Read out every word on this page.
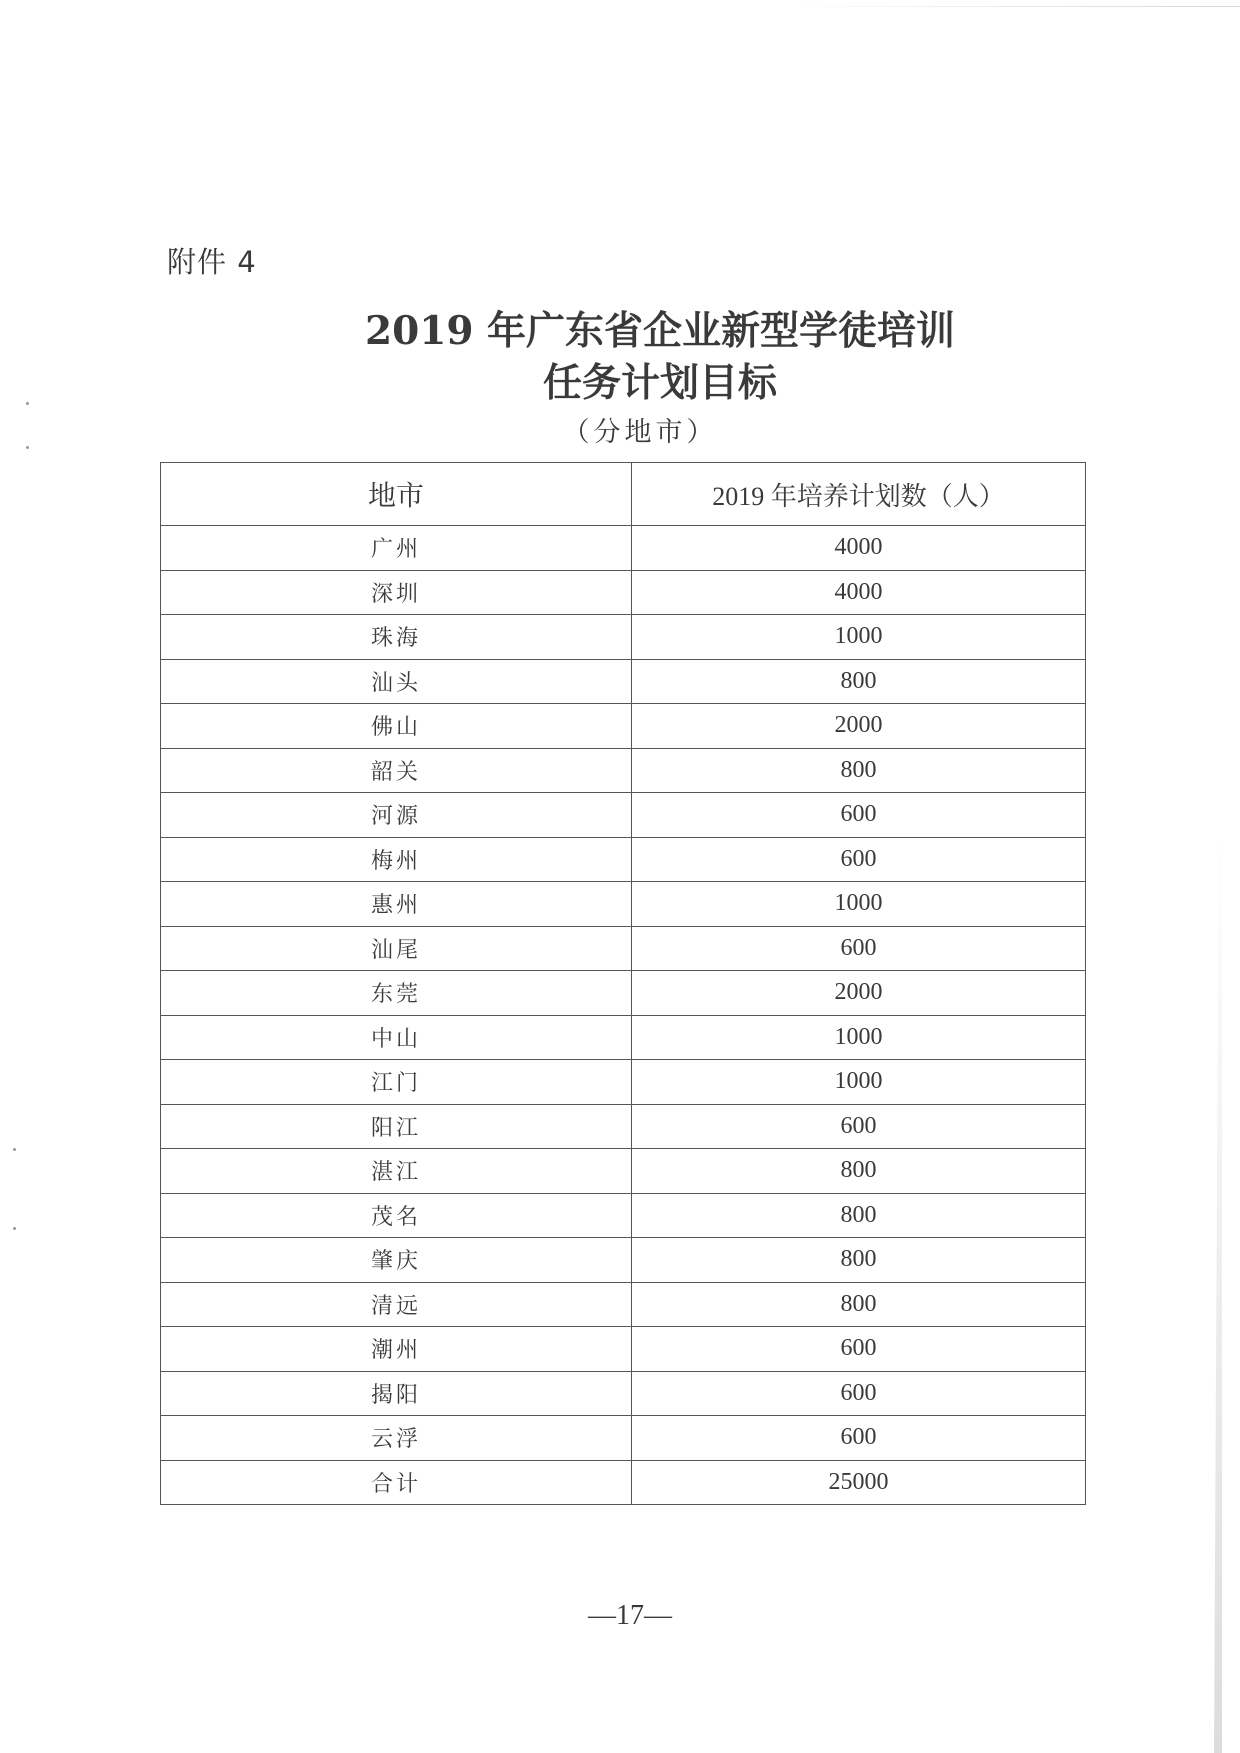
附件 4
2019 年广东省企业新型学徒培训
任务计划目标
（分地市）
地市	2019 年培养计划数（人）
广州	4000
深圳	4000
珠海	1000
汕头	800
佛山	2000
韶关	800
河源	600
梅州	600
惠州	1000
汕尾	600
东莞	2000
中山	1000
江门	1000
阳江	600
湛江	800
茂名	800
肇庆	800
清远	800
潮州	600
揭阳	600
云浮	600
合计	25000
—17—
